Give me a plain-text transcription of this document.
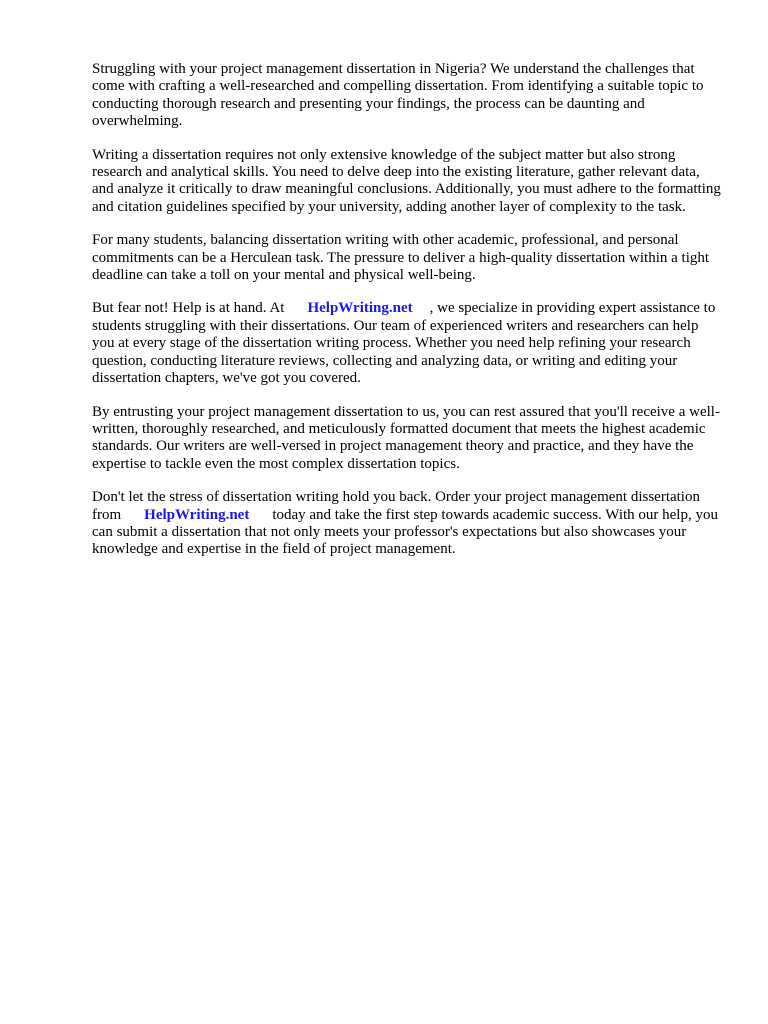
Struggling with your project management dissertation in Nigeria? We understand the challenges that come with crafting a well-researched and compelling dissertation. From identifying a suitable topic to conducting thorough research and presenting your findings, the process can be daunting and overwhelming.

Writing a dissertation requires not only extensive knowledge of the subject matter but also strong research and analytical skills. You need to delve deep into the existing literature, gather relevant data, and analyze it critically to draw meaningful conclusions. Additionally, you must adhere to the formatting and citation guidelines specified by your university, adding another layer of complexity to the task.

For many students, balancing dissertation writing with other academic, professional, and personal commitments can be a Herculean task. The pressure to deliver a high-quality dissertation within a tight deadline can take a toll on your mental and physical well-being.

But fear not! Help is at hand. At HelpWriting.net , we specialize in providing expert assistance to students struggling with their dissertations. Our team of experienced writers and researchers can help you at every stage of the dissertation writing process. Whether you need help refining your research question, conducting literature reviews, collecting and analyzing data, or writing and editing your dissertation chapters, we've got you covered.

By entrusting your project management dissertation to us, you can rest assured that you'll receive a well-written, thoroughly researched, and meticulously formatted document that meets the highest academic standards. Our writers are well-versed in project management theory and practice, and they have the expertise to tackle even the most complex dissertation topics.

Don't let the stress of dissertation writing hold you back. Order your project management dissertation from HelpWriting.net today and take the first step towards academic success. With our help, you can submit a dissertation that not only meets your professor's expectations but also showcases your knowledge and expertise in the field of project management.
